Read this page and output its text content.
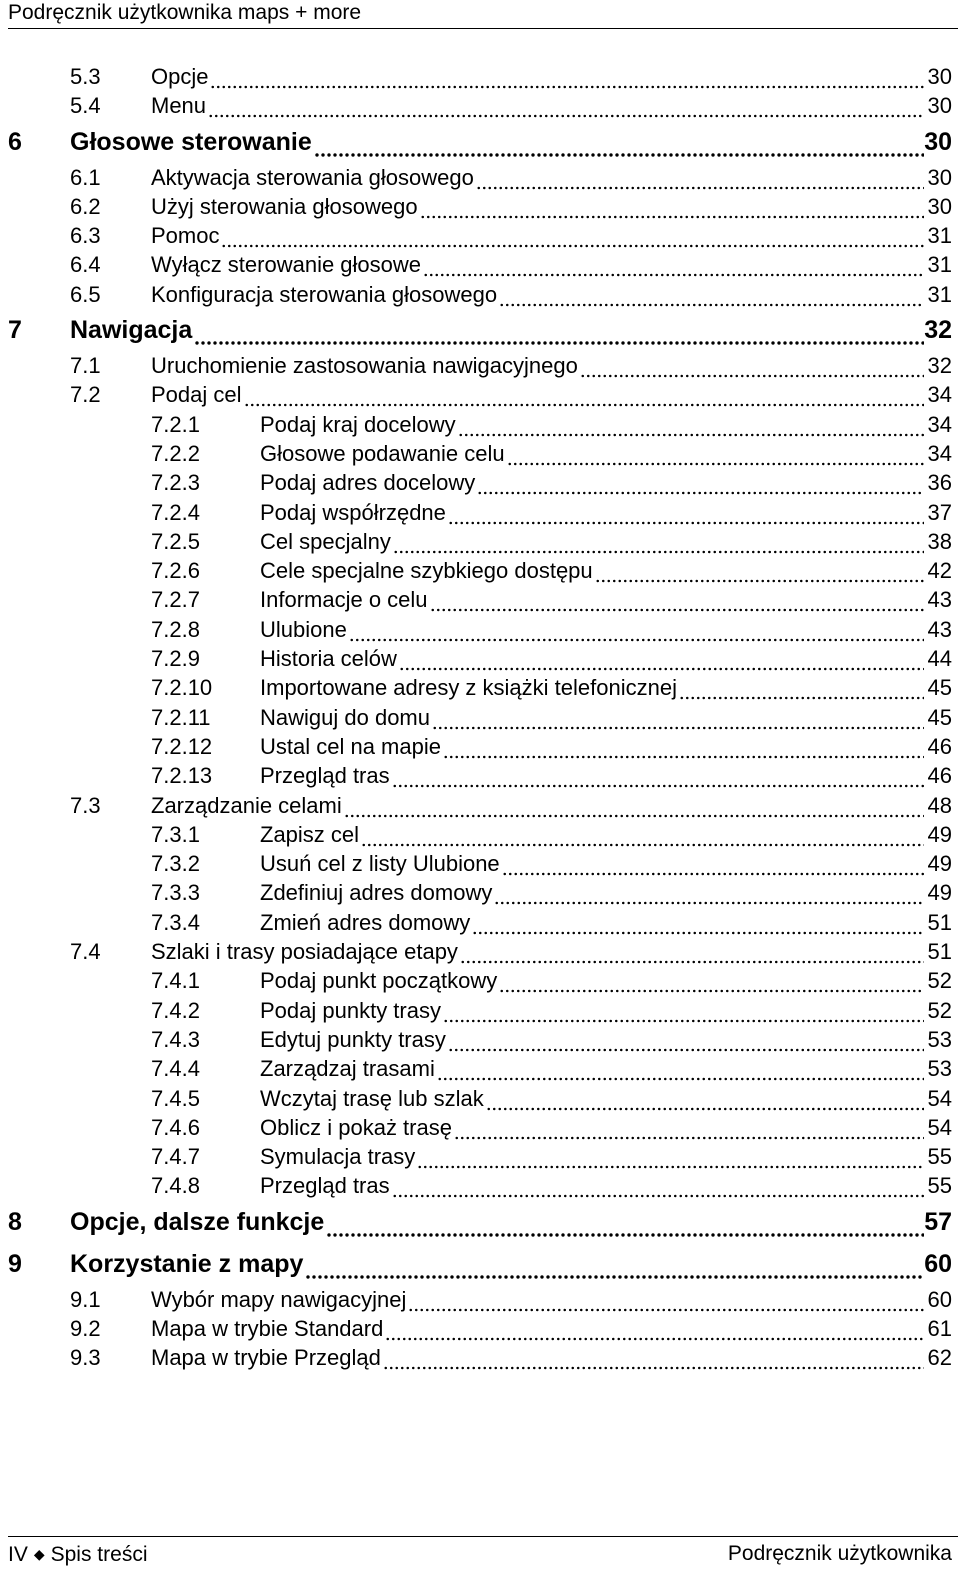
Podręcznik użytkownika maps + more
5.3 Opcje	30
5.4 Menu	30
6 Głosowe sterowanie	30
6.1 Aktywacja sterowania głosowego	30
6.2 Użyj sterowania głosowego	30
6.3 Pomoc	31
6.4 Wyłącz sterowanie głosowe	31
6.5 Konfiguracja sterowania głosowego	31
7 Nawigacja	32
7.1 Uruchomienie zastosowania nawigacyjnego	32
7.2 Podaj cel	34
7.2.1	Podaj kraj docelowy	34
7.2.2	Głosowe podawanie celu	34
7.2.3	Podaj adres docelowy	36
7.2.4	Podaj współrzędne	37
7.2.5	Cel specjalny	38
7.2.6	Cele specjalne szybkiego dostępu	42
7.2.7	Informacje o celu	43
7.2.8	Ulubione	43
7.2.9	Historia celów	44
7.2.10 Importowane adresy z książki telefonicznej	45
7.2.11 Nawiguj do domu	45
7.2.12 Ustal cel na mapie	46
7.2.13 Przegląd tras	46
7.3 Zarządzanie celami	48
7.3.1	Zapisz cel	49
7.3.2	Usuń cel z listy Ulubione	49
7.3.3	Zdefiniuj adres domowy	49
7.3.4	Zmień adres domowy	51
7.4 Szlaki i trasy posiadające etapy	51
7.4.1	Podaj punkt początkowy	52
7.4.2	Podaj punkty trasy	52
7.4.3	Edytuj punkty trasy	53
7.4.4	Zarządzaj trasami	53
7.4.5	Wczytaj trasę lub szlak	54
7.4.6	Oblicz i pokaż trasę	54
7.4.7	Symulacja trasy	55
7.4.8	Przegląd tras	55
8 Opcje, dalsze funkcje	57
9 Korzystanie z mapy	60
9.1 Wybór mapy nawigacyjnej	60
9.2 Mapa w trybie Standard	61
9.3 Mapa w trybie Przegląd	62
IV ◆ Spis treści	Podręcznik użytkownika
